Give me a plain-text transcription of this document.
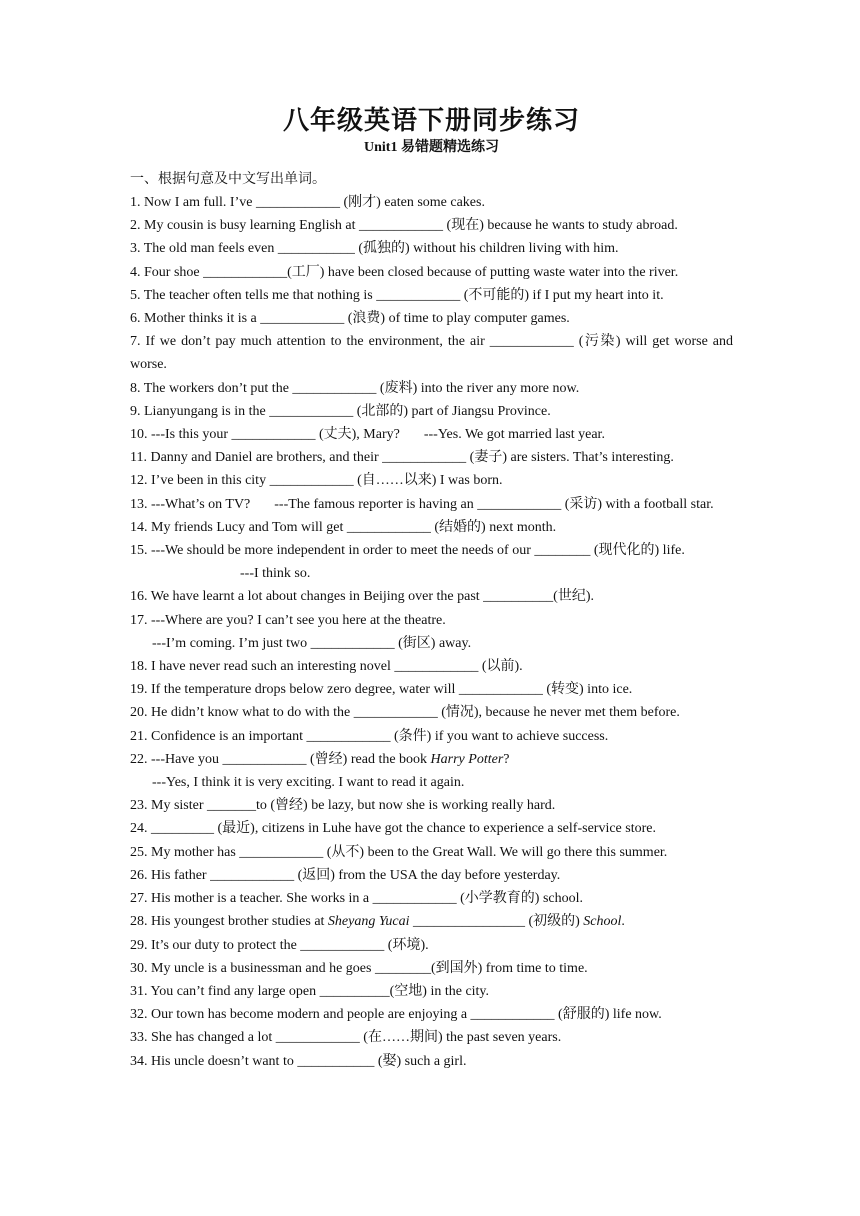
八年级英语下册同步练习
Unit1 易错题精选练习
一、根据句意及中文写出单词。

1. Now I am full. I’ve ____________ (刚才) eaten some cakes.

2. My cousin is busy learning English at ____________ (现在) because he wants to study abroad.

3. The old man feels even ___________ (孤独的) without his children living with him.

4. Four shoe ____________(工厂) have been closed because of putting waste water into the river.

5. The teacher often tells me that nothing is ____________ (不可能的) if I put my heart into it.

6. Mother thinks it is a ____________ (浪费) of time to play computer games.

7. If we don’t pay much attention to the environment, the air ____________ (污染) will get worse and worse.

8. The workers don’t put the ____________ (废料) into the river any more now.

9. Lianyungang is in the ____________ (北部的) part of Jiangsu Province.

10. ---Is this your ____________ (丈夫), Mary? ---Yes. We got married last year.

11. Danny and Daniel are brothers, and their ____________ (妻子) are sisters. That’s interesting.

12. I’ve been in this city ____________ (自……以来) I was born.

13. ---What’s on TV? ---The famous reporter is having an ____________ (采访) with a football star.

14. My friends Lucy and Tom will get ____________ (结婚的) next month.

15. ---We should be more independent in order to meet the needs of our ________ (现代化的) life.

---I think so.

16. We have learnt a lot about changes in Beijing over the past __________(世纪).

17. ---Where are you? I can’t see you here at the theatre.

---I’m coming. I’m just two ____________ (街区) away.

18. I have never read such an interesting novel ____________ (以前).

19. If the temperature drops below zero degree, water will ____________ (转变) into ice.

20. He didn’t know what to do with the ____________ (情况), because he never met them before.

21. Confidence is an important ____________ (条件) if you want to achieve success.

22. ---Have you ____________ (曾经) read the book Harry Potter?

---Yes, I think it is very exciting. I want to read it again.

23. My sister _______to (曾经) be lazy, but now she is working really hard.

24. _________ (最近), citizens in Luhe have got the chance to experience a self-service store.

25. My mother has ____________ (从不) been to the Great Wall. We will go there this summer.

26. His father ____________ (返回) from the USA the day before yesterday.

27. His mother is a teacher. She works in a ____________ (小学教育的) school.

28. His youngest brother studies at Sheyang Yucai ________________ (初级的) School.

29. It’s our duty to protect the ____________ (环境).

30. My uncle is a businessman and he goes ________(到国外) from time to time.

31. You can’t find any large open __________(空地) in the city.

32. Our town has become modern and people are enjoying a ____________ (舒服的) life now.

33. She has changed a lot ____________ (在……期间) the past seven years.

34. His uncle doesn’t want to ___________ (娶) such a girl.
